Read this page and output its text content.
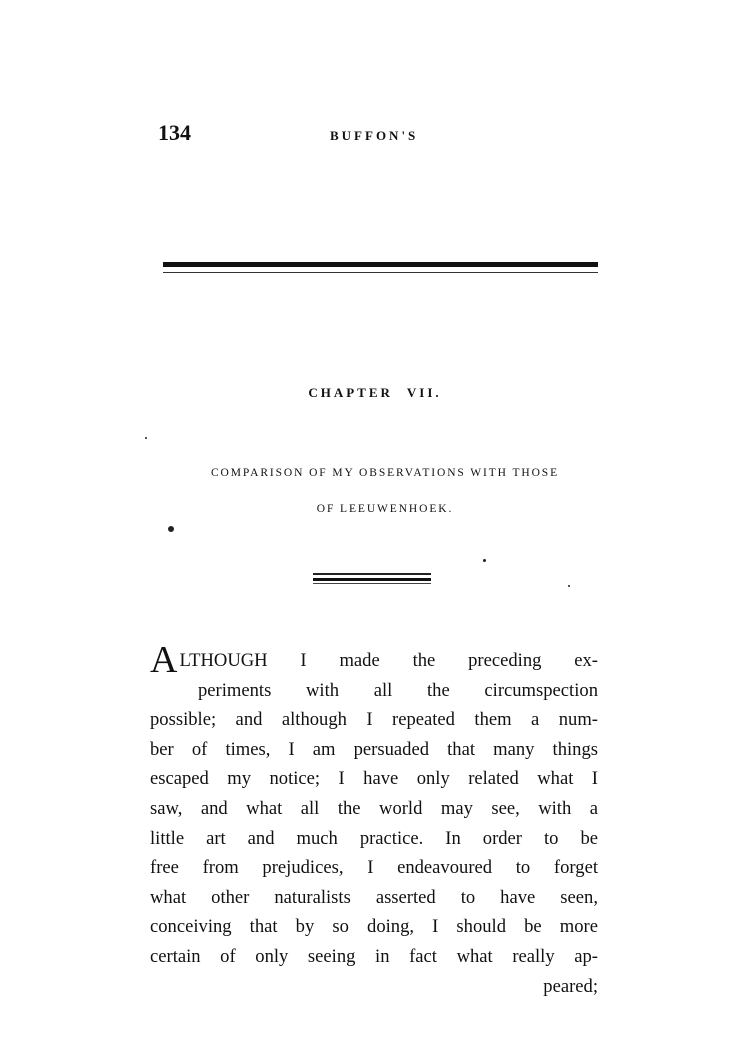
134	BUFFON'S
CHAPTER VII.
COMPARISON OF MY OBSERVATIONS WITH THOSE
OF LEEUWENHOEK.
ALTHOUGH I made the preceding ex-
periments with all the circumspection
possible; and although I repeated them a num-
ber of times, I am persuaded that many things
escaped my notice; I have only related what I
saw, and what all the world may see, with a
little art and much practice. In order to be
free from prejudices, I endeavoured to forget
what other naturalists asserted to have seen,
conceiving that by so doing, I should be more
certain of only seeing in fact what really ap-
peared;
